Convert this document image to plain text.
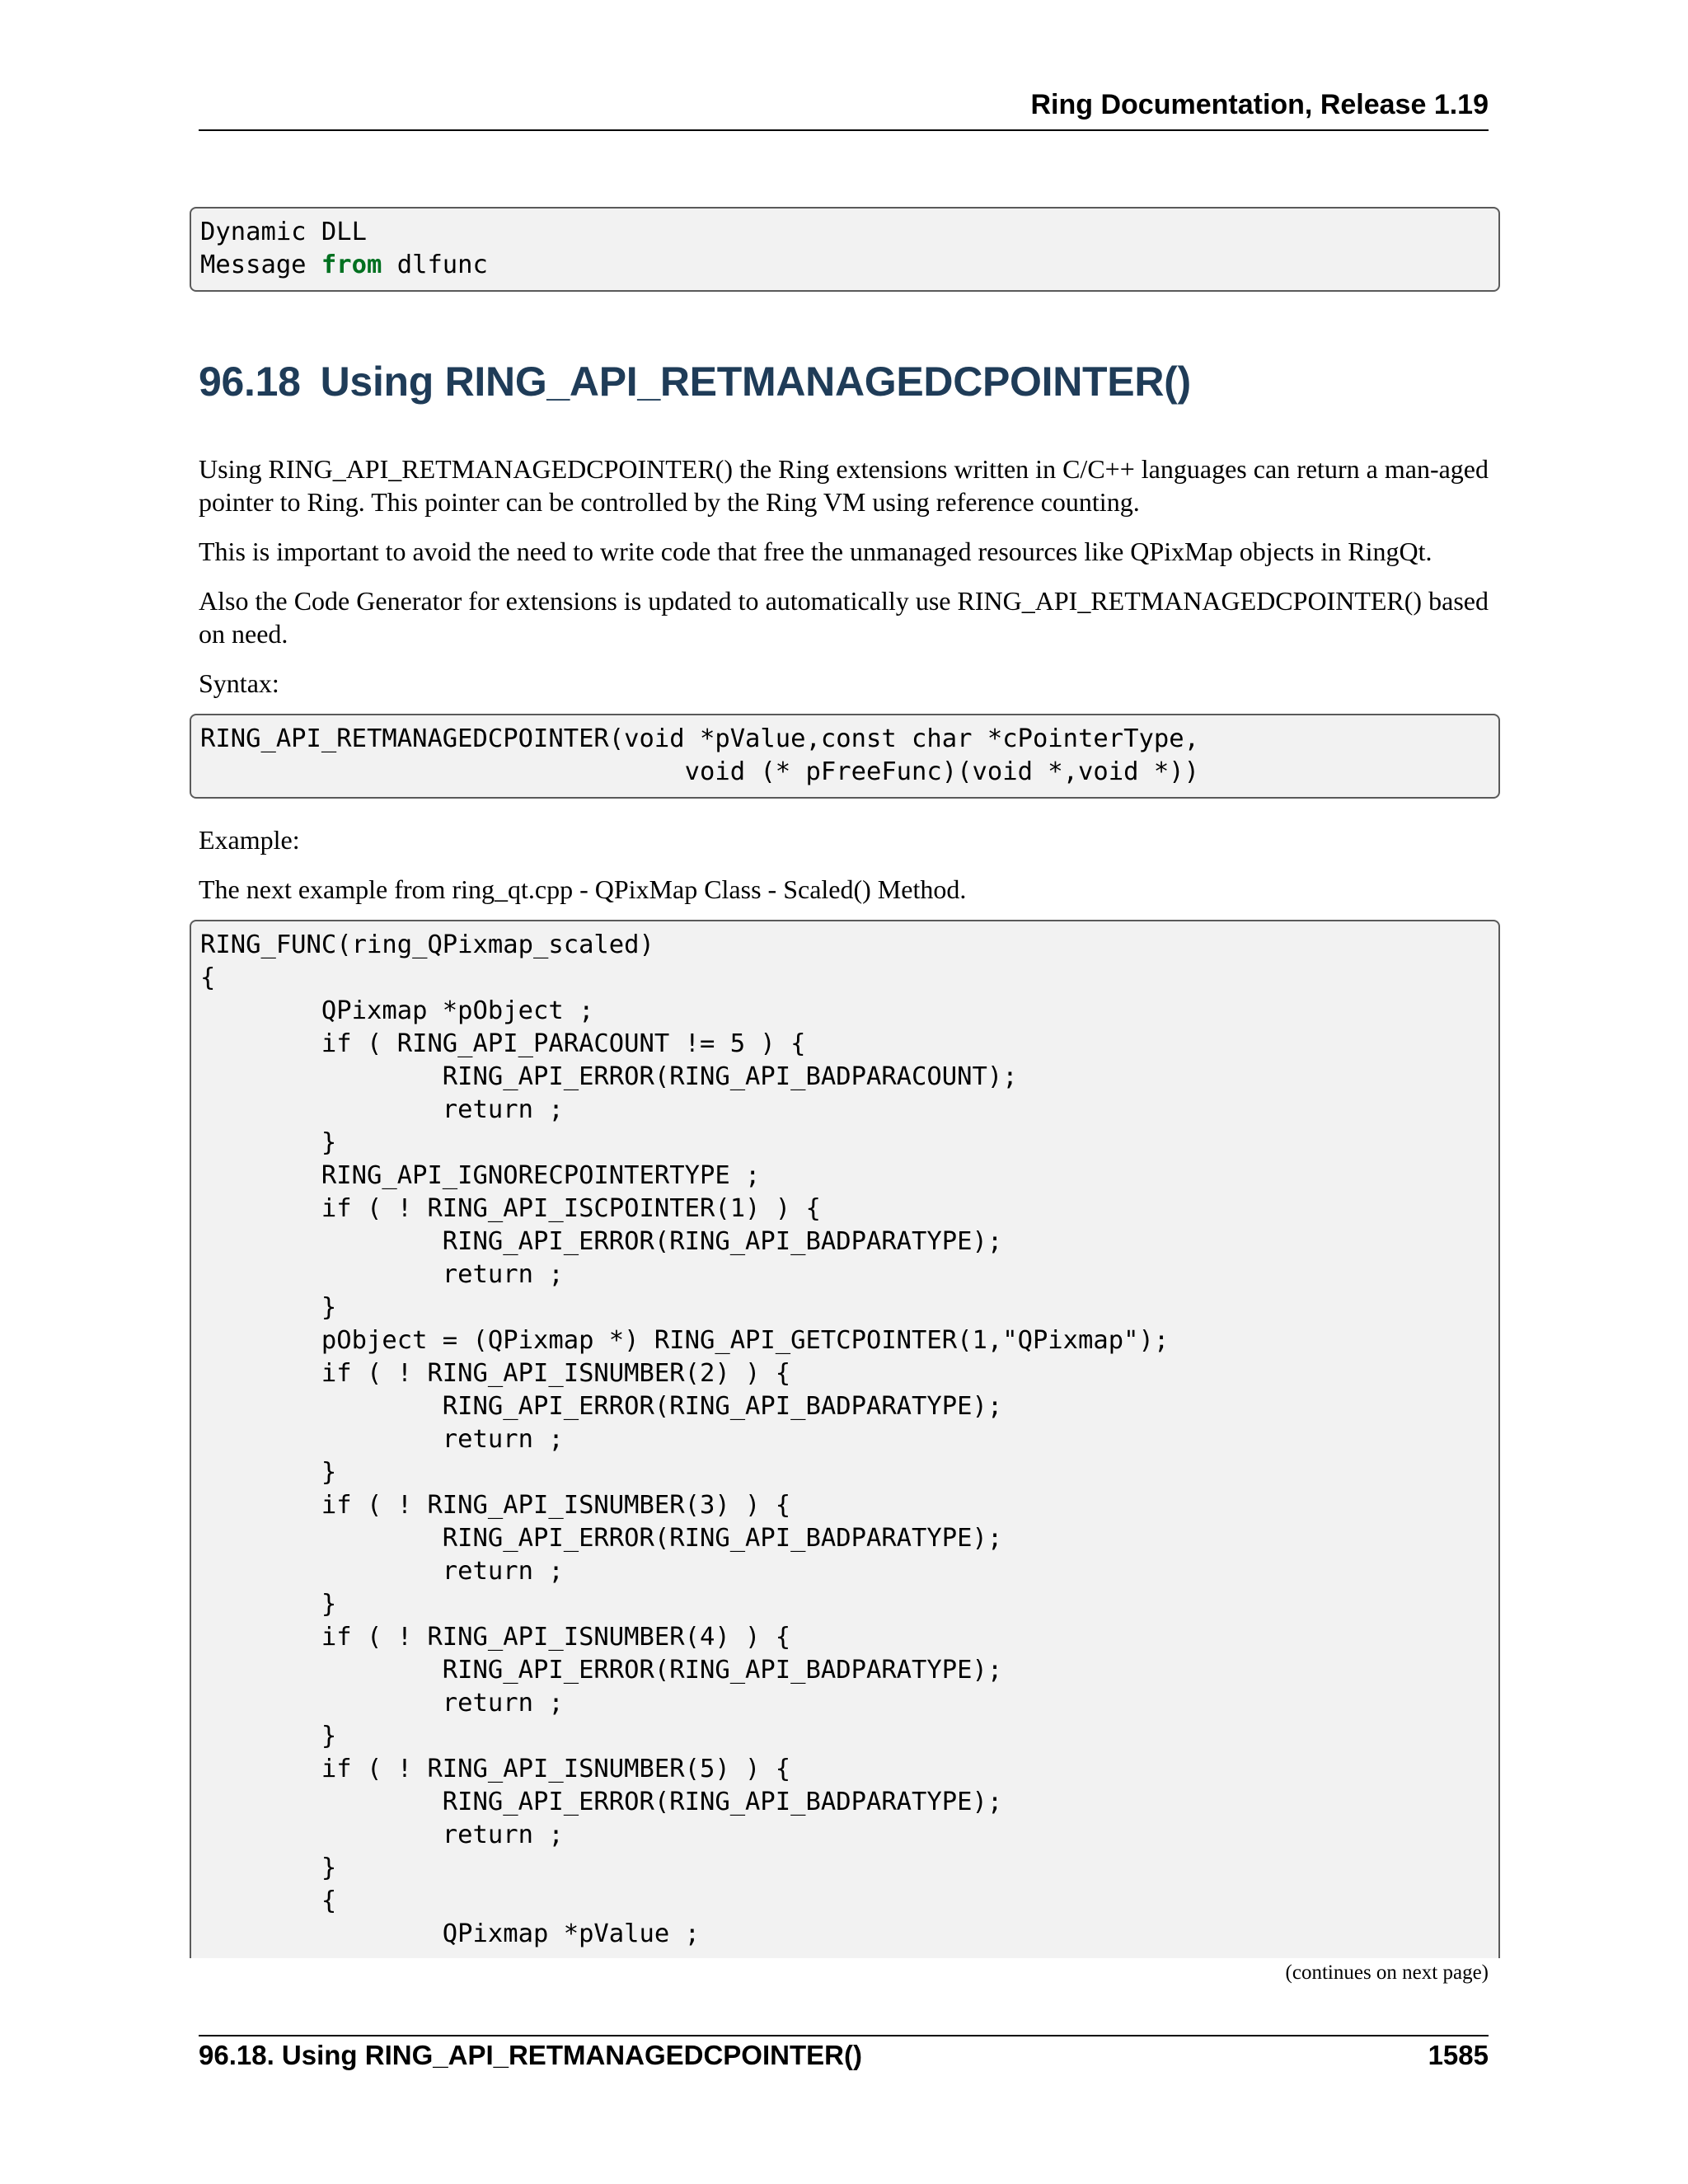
Ring Documentation, Release 1.19
Dynamic DLL
Message from dlfunc
96.18 Using RING_API_RETMANAGEDCPOINTER()

Using RING_API_RETMANAGEDCPOINTER() the Ring extensions written in C/C++ languages can return a man-aged pointer to Ring. This pointer can be controlled by the Ring VM using reference counting.

This is important to avoid the need to write code that free the unmanaged resources like QPixMap objects in RingQt.

Also the Code Generator for extensions is updated to automatically use RING_API_RETMANAGEDCPOINTER() based on need.

Syntax:

RING_API_RETMANAGEDCPOINTER(void *pValue,const char *cPointerType,
void (* pFreeFunc)(void *,void *))

Example:

The next example from ring_qt.cpp - QPixMap Class - Scaled() Method.

RING_FUNC(ring_QPixmap_scaled)
{
QPixmap *pObject ;
if ( RING_API_PARACOUNT != 5 ) {
RING_API_ERROR(RING_API_BADPARACOUNT);
return ;
}
RING_API_IGNORECPOINTERTYPE ;
if ( ! RING_API_ISCPOINTER(1) ) {
RING_API_ERROR(RING_API_BADPARATYPE);
return ;
}
pObject = (QPixmap *) RING_API_GETCPOINTER(1,"QPixmap");
if ( ! RING_API_ISNUMBER(2) ) {
RING_API_ERROR(RING_API_BADPARATYPE);
return ;
}
if ( ! RING_API_ISNUMBER(3) ) {
RING_API_ERROR(RING_API_BADPARATYPE);
return ;
}
if ( ! RING_API_ISNUMBER(4) ) {
RING_API_ERROR(RING_API_BADPARATYPE);
return ;
}
if ( ! RING_API_ISNUMBER(5) ) {
RING_API_ERROR(RING_API_BADPARATYPE);
return ;
}
{
QPixmap *pValue ;
(continues on next page)
96.18. Using RING_API_RETMANAGEDCPOINTER()	1585
